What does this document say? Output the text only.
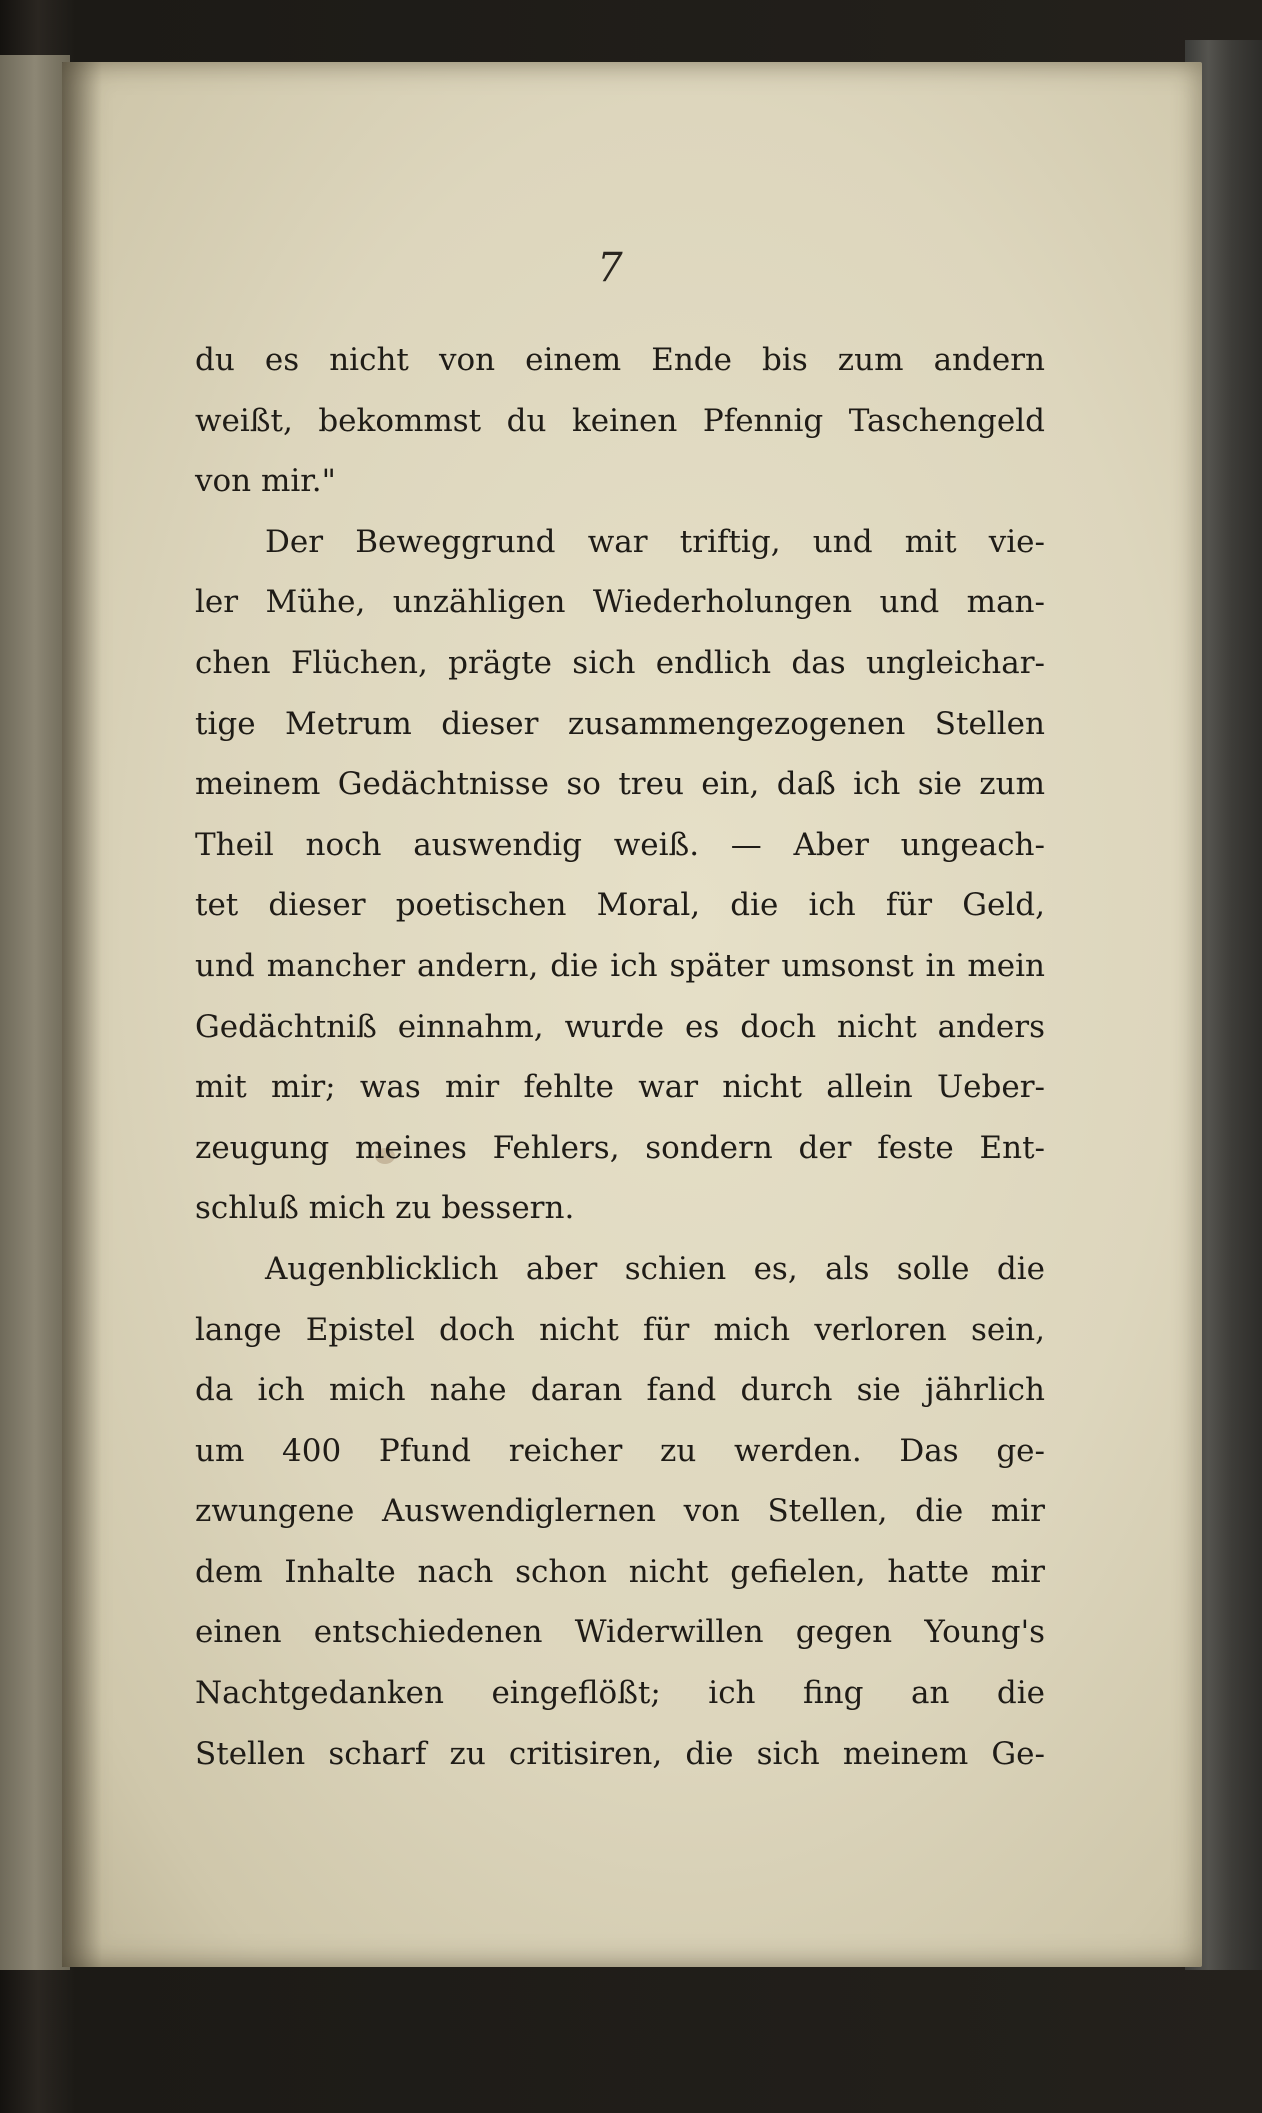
7
du es nicht von einem Ende bis zum andern
weißt, bekommst du keinen Pfennig Taschengeld
von mir."
Der Beweggrund war triftig, und mit vie-
ler Mühe, unzähligen Wiederholungen und man-
chen Flüchen, prägte sich endlich das ungleichar-
tige Metrum dieser zusammengezogenen Stellen
meinem Gedächtnisse so treu ein, daß ich sie zum
Theil noch auswendig weiß. — Aber ungeach-
tet dieser poetischen Moral, die ich für Geld,
und mancher andern, die ich später umsonst in mein
Gedächtniß einnahm, wurde es doch nicht anders
mit mir; was mir fehlte war nicht allein Ueber-
zeugung meines Fehlers, sondern der feste Ent-
schluß mich zu bessern.
Augenblicklich aber schien es, als solle die
lange Epistel doch nicht für mich verloren sein,
da ich mich nahe daran fand durch sie jährlich
um 400 Pfund reicher zu werden. Das ge-
zwungene Auswendiglernen von Stellen, die mir
dem Inhalte nach schon nicht gefielen, hatte mir
einen entschiedenen Widerwillen gegen Young's
Nachtgedanken eingeflößt; ich fing an die
Stellen scharf zu critisiren, die sich meinem Ge-
